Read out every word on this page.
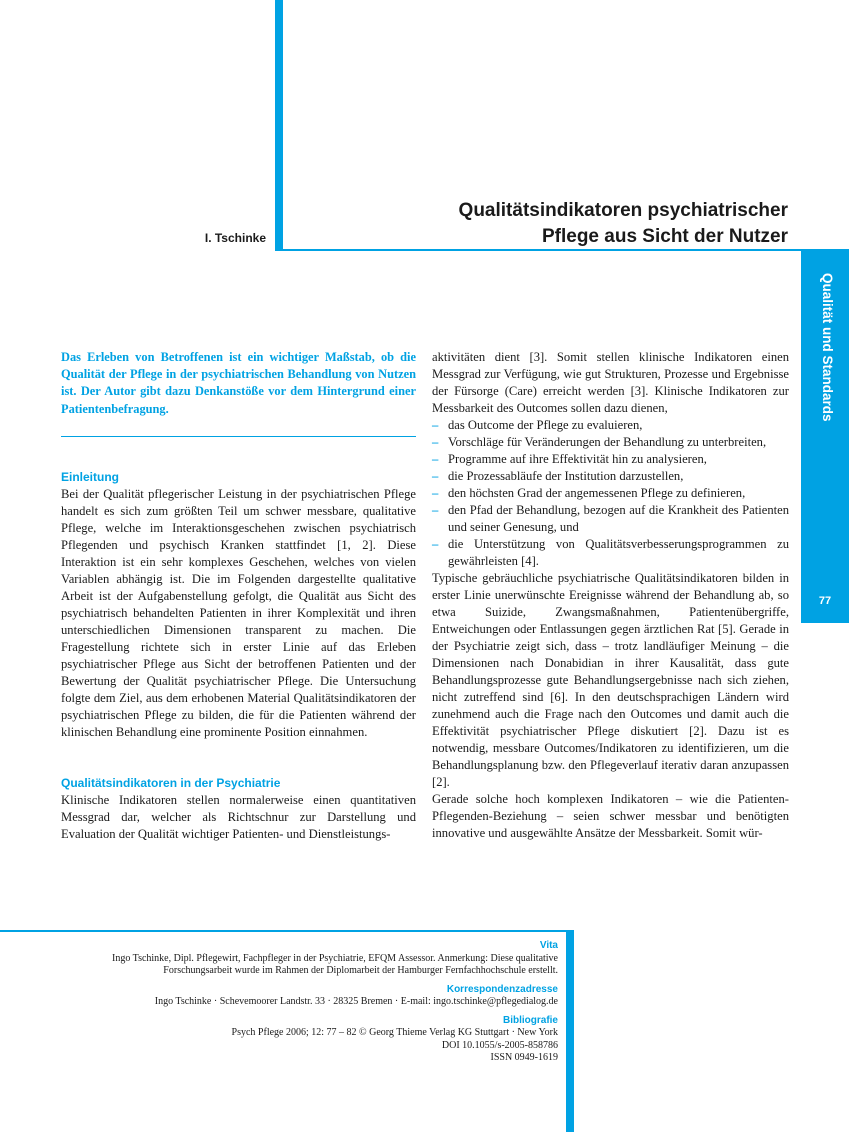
I. Tschinke
Qualitätsindikatoren psychiatrischer
Pflege aus Sicht der Nutzer
Qualität und Standards
77

Das Erleben von Betroffenen ist ein wichtiger Maßstab, ob die Qualität der Pflege in der psychiatrischen Behandlung von Nutzen ist. Der Autor gibt dazu Denkanstöße vor dem Hintergrund einer Patientenbefragung.

Einleitung

Bei der Qualität pflegerischer Leistung in der psychiatrischen Pflege handelt es sich zum größten Teil um schwer messbare, qualitative Pflege, welche im Interaktionsgeschehen zwischen psychiatrisch Pflegenden und psychisch Kranken stattfindet [1, 2]. Diese Interaktion ist ein sehr komplexes Geschehen, welches von vielen Variablen abhängig ist. Die im Folgenden dargestellte qualitative Arbeit ist der Aufgabenstellung gefolgt, die Qualität aus Sicht des psychiatrisch behandelten Patienten in ihrer Komplexität und ihren unterschiedlichen Dimensionen transparent zu machen. Die Fragestellung richtete sich in erster Linie auf das Erleben psychiatrischer Pflege aus Sicht der betroffenen Patienten und der Bewertung der Qualität psychiatrischer Pflege. Die Untersuchung folgte dem Ziel, aus dem erhobenen Material Qualitätsindikatoren der psychiatrischen Pflege zu bilden, die für die Patienten während der klinischen Behandlung eine prominente Position einnahmen.

Qualitätsindikatoren in der Psychiatrie

Klinische Indikatoren stellen normalerweise einen quantitativen Messgrad dar, welcher als Richtschnur zur Darstellung und Evaluation der Qualität wichtiger Patienten- und Dienstleistungs-

aktivitäten dient [3]. Somit stellen klinische Indikatoren einen Messgrad zur Verfügung, wie gut Strukturen, Prozesse und Ergebnisse der Fürsorge (Care) erreicht werden [3]. Klinische Indikatoren zur Messbarkeit des Outcomes sollen dazu dienen,

– das Outcome der Pflege zu evaluieren,
– Vorschläge für Veränderungen der Behandlung zu unterbreiten,
– Programme auf ihre Effektivität hin zu analysieren,
– die Prozessabläufe der Institution darzustellen,
– den höchsten Grad der angemessenen Pflege zu definieren,
– den Pfad der Behandlung, bezogen auf die Krankheit des Patienten und seiner Genesung, und
– die Unterstützung von Qualitätsverbesserungsprogrammen zu gewährleisten [4].

Typische gebräuchliche psychiatrische Qualitätsindikatoren bilden in erster Linie unerwünschte Ereignisse während der Behandlung ab, so etwa Suizide, Zwangsmaßnahmen, Patientenübergriffe, Entweichungen oder Entlassungen gegen ärztlichen Rat [5]. Gerade in der Psychiatrie zeigt sich, dass – trotz landläufiger Meinung – die Dimensionen nach Donabidian in ihrer Kausalität, dass gute Behandlungsprozesse gute Behandlungsergebnisse nach sich ziehen, nicht zutreffend sind [6]. In den deutschsprachigen Ländern wird zunehmend auch die Frage nach den Outcomes und damit auch die Effektivität psychiatrischer Pflege diskutiert [2]. Dazu ist es notwendig, messbare Outcomes/Indikatoren zu identifizieren, um die Behandlungsplanung bzw. den Pflegeverlauf iterativ daran anzupassen [2].

Gerade solche hoch komplexen Indikatoren – wie die Patienten-Pflegenden-Beziehung – seien schwer messbar und benötigten innovative und ausgewählte Ansätze der Messbarkeit. Somit wür-

Vita
Ingo Tschinke, Dipl. Pflegewirt, Fachpfleger in der Psychiatrie, EFQM Assessor. Anmerkung: Diese qualitative
Forschungsarbeit wurde im Rahmen der Diplomarbeit der Hamburger Fernfachhochschule erstellt.
Korrespondenzadresse
Ingo Tschinke · Schevemoorer Landstr. 33 · 28325 Bremen · E-mail: ingo.tschinke@pflegedialog.de
Bibliografie
Psych Pflege 2006; 12: 77 – 82 © Georg Thieme Verlag KG Stuttgart · New York
DOI 10.1055/s-2005-858786
ISSN 0949-1619
